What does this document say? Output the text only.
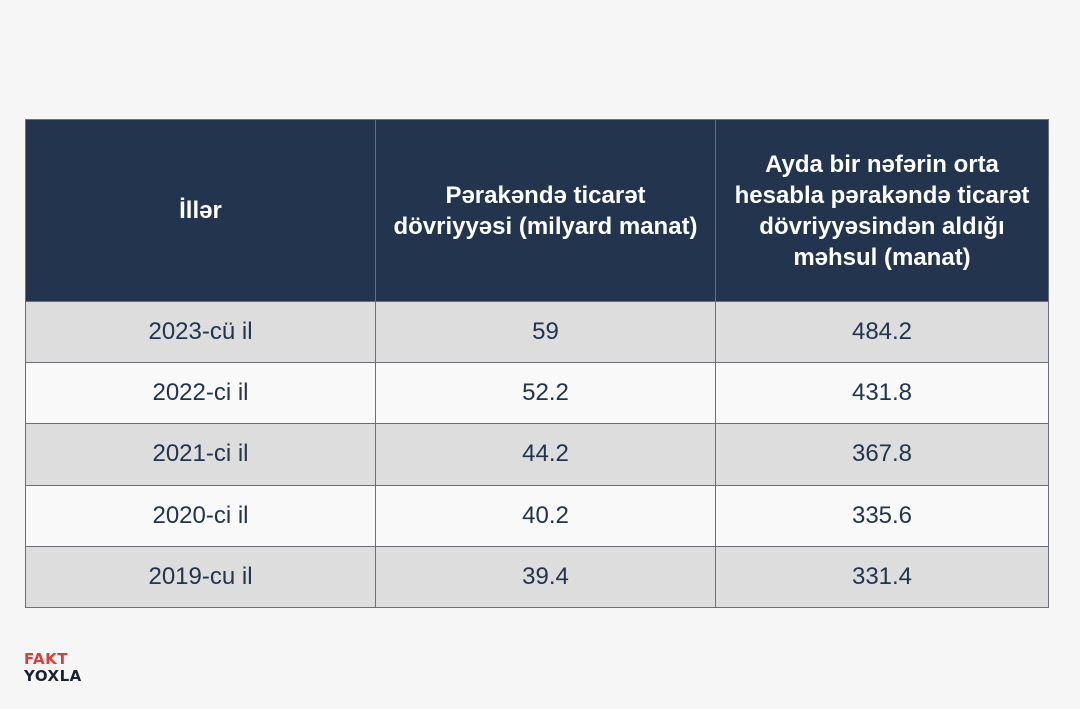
İllər	Pərakəndə ticarət dövriyyəsi (milyard manat)	Ayda bir nəfərin orta hesabla pərakəndə ticarət dövriyyəsindən aldığı məhsul (manat)
2023-cü il	59	484.2
2022-ci il	52.2	431.8
2021-ci il	44.2	367.8
2020-ci il	40.2	335.6
2019-cu il	39.4	331.4
FAKT
YOXLA
